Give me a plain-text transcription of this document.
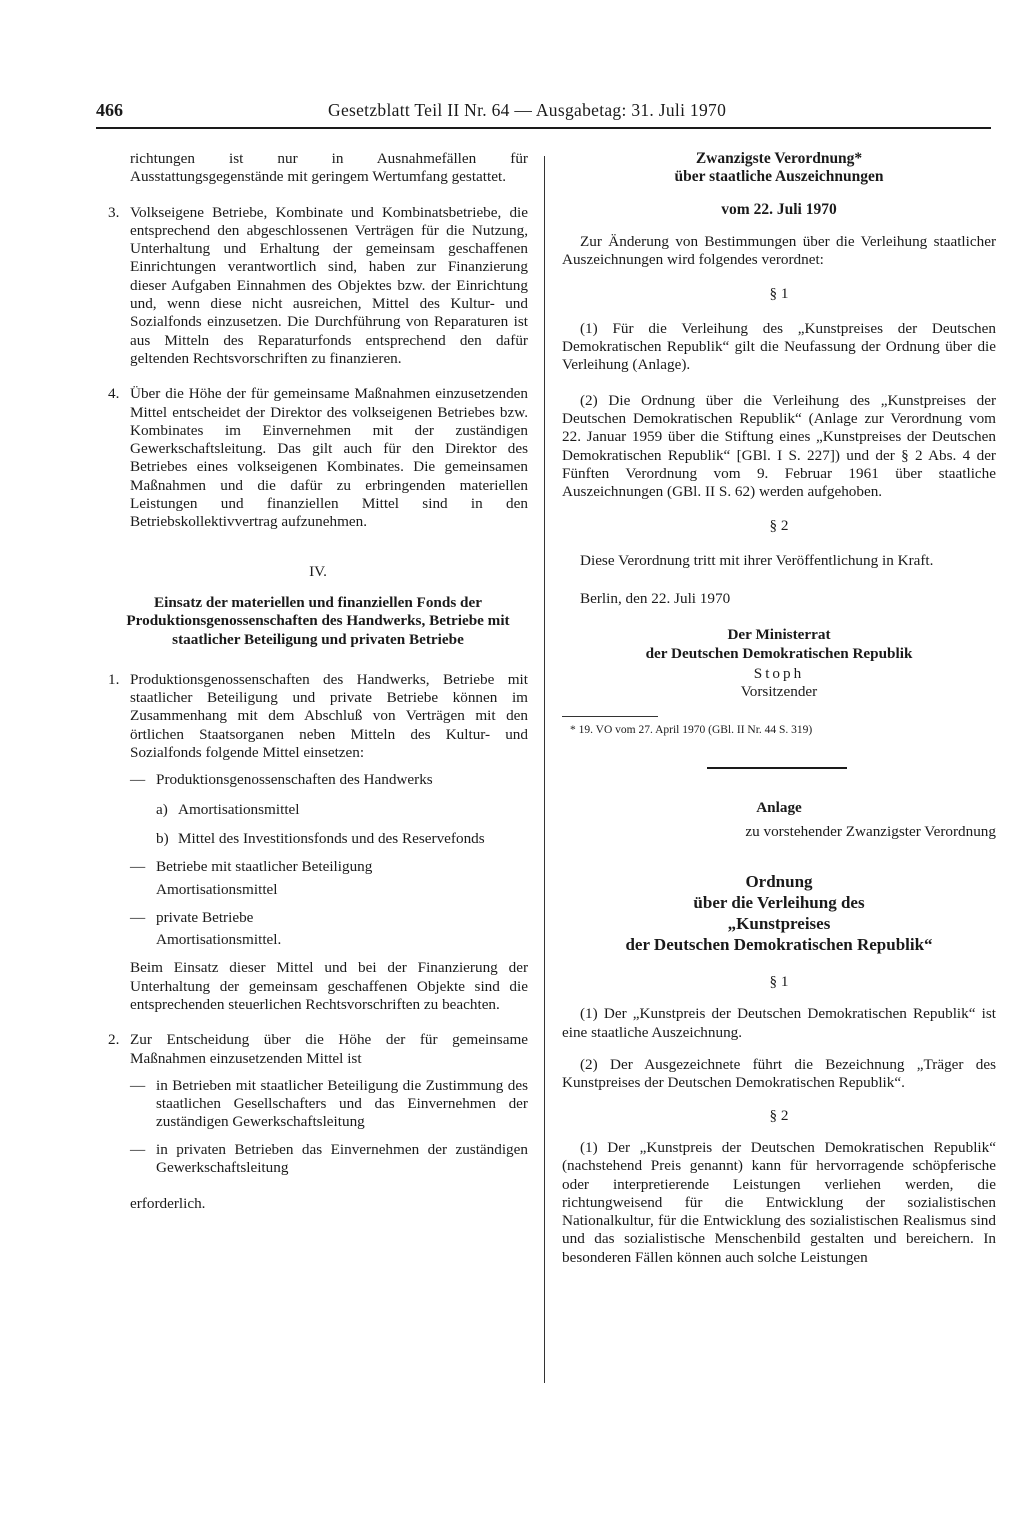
466	Gesetzblatt Teil II Nr. 64 — Ausgabetag: 31. Juli 1970

richtungen ist nur in Ausnahmefällen für Ausstattungsgegenstände mit geringem Wertumfang gestattet.

3. Volkseigene Betriebe, Kombinate und Kombinatsbetriebe, die entsprechend den abgeschlossenen Verträgen für die Nutzung, Unterhaltung und Erhaltung der gemeinsam geschaffenen Einrichtungen verantwortlich sind, haben zur Finanzierung dieser Aufgaben Einnahmen des Objektes bzw. der Einrichtung und, wenn diese nicht ausreichen, Mittel des Kultur- und Sozialfonds einzusetzen. Die Durchführung von Reparaturen ist aus Mitteln des Reparaturfonds entsprechend den dafür geltenden Rechtsvorschriften zu finanzieren.

4. Über die Höhe der für gemeinsame Maßnahmen einzusetzenden Mittel entscheidet der Direktor des volkseigenen Betriebes bzw. Kombinates im Einvernehmen mit der zuständigen Gewerkschaftsleitung. Das gilt auch für den Direktor des Betriebes eines volkseigenen Kombinates. Die gemeinsamen Maßnahmen und die dafür zu erbringenden materiellen Leistungen und finanziellen Mittel sind in den Betriebskollektivvertrag aufzunehmen.

IV.

Einsatz der materiellen und finanziellen Fonds der Produktionsgenossenschaften des Handwerks, Betriebe mit staatlicher Beteiligung und privaten Betriebe

1. Produktionsgenossenschaften des Handwerks, Betriebe mit staatlicher Beteiligung und private Betriebe können im Zusammenhang mit dem Abschluß von Verträgen mit den örtlichen Staatsorganen neben Mitteln des Kultur- und Sozialfonds folgende Mittel einsetzen:

— Produktionsgenossenschaften des Handwerks

a) Amortisationsmittel

b) Mittel des Investitionsfonds und des Reservefonds

— Betriebe mit staatlicher Beteiligung

Amortisationsmittel

— private Betriebe

Amortisationsmittel.

Beim Einsatz dieser Mittel und bei der Finanzierung der Unterhaltung der gemeinsam geschaffenen Objekte sind die entsprechenden steuerlichen Rechtsvorschriften zu beachten.

2. Zur Entscheidung über die Höhe der für gemeinsame Maßnahmen einzusetzenden Mittel ist

— in Betrieben mit staatlicher Beteiligung die Zustimmung des staatlichen Gesellschafters und das Einvernehmen der zuständigen Gewerkschaftsleitung

— in privaten Betrieben das Einvernehmen der zuständigen Gewerkschaftsleitung

erforderlich.

Zwanzigste Verordnung*

über staatliche Auszeichnungen

vom 22. Juli 1970

Zur Änderung von Bestimmungen über die Verleihung staatlicher Auszeichnungen wird folgendes verordnet:

§ 1

(1) Für die Verleihung des „Kunstpreises der Deutschen Demokratischen Republik“ gilt die Neufassung der Ordnung über die Verleihung (Anlage).

(2) Die Ordnung über die Verleihung des „Kunstpreises der Deutschen Demokratischen Republik“ (Anlage zur Verordnung vom 22. Januar 1959 über die Stiftung eines „Kunstpreises der Deutschen Demokratischen Republik“ [GBl. I S. 227]) und der § 2 Abs. 4 der Fünften Verordnung vom 9. Februar 1961 über staatliche Auszeichnungen (GBl. II S. 62) werden aufgehoben.

§ 2

Diese Verordnung tritt mit ihrer Veröffentlichung in Kraft.

Berlin, den 22. Juli 1970

Der Ministerrat

der Deutschen Demokratischen Republik

Stoph

Vorsitzender

* 19. VO vom 27. April 1970 (GBl. II Nr. 44 S. 319)

Anlage

zu vorstehender Zwanzigster Verordnung

Ordnung

über die Verleihung des

„Kunstpreises

der Deutschen Demokratischen Republik“

§ 1

(1) Der „Kunstpreis der Deutschen Demokratischen Republik“ ist eine staatliche Auszeichnung.

(2) Der Ausgezeichnete führt die Bezeichnung „Träger des Kunstpreises der Deutschen Demokratischen Republik“.

§ 2

(1) Der „Kunstpreis der Deutschen Demokratischen Republik“ (nachstehend Preis genannt) kann für hervorragende schöpferische oder interpretierende Leistungen verliehen werden, die richtungweisend für die Entwicklung der sozialistischen Nationalkultur, für die Entwicklung des sozialistischen Realismus sind und das sozialistische Menschenbild gestalten und bereichern. In besonderen Fällen können auch solche Leistungen
